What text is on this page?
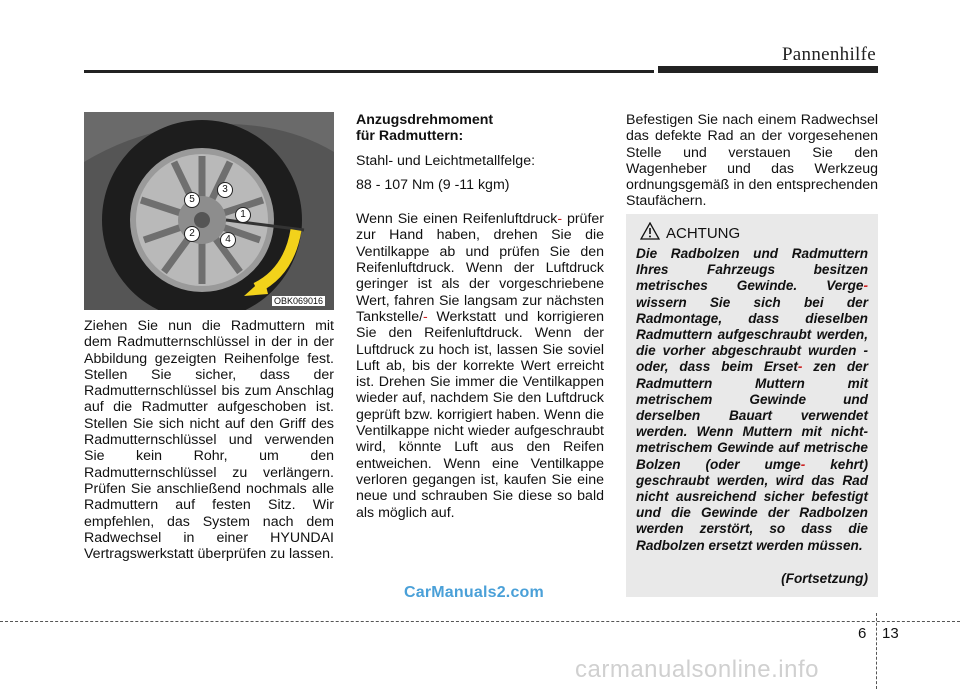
Pannenhilfe
1
2
3
4
5
OBK069016

Ziehen Sie nun die Radmuttern mit dem Radmutternschlüssel in der in der Abbildung gezeigten Reihenfolge fest. Stellen Sie sicher, dass der Radmutternschlüssel bis zum Anschlag auf die Radmutter aufgeschoben ist. Stellen Sie sich nicht auf den Griff des Radmutternschlüssel und verwenden Sie kein Rohr, um den Radmutternschlüssel zu verlängern. Prüfen Sie anschließend nochmals alle Radmuttern auf festen Sitz. Wir empfehlen, das System nach dem Radwechsel in einer HYUNDAI Vertragswerkstatt überprüfen zu lassen.

Anzugsdrehmoment

für Radmuttern:

Stahl- und Leichtmetallfelge:

88 - 107 Nm (9 -11 kgm)

Wenn Sie einen Reifenluftdruck- prüfer zur Hand haben, drehen Sie die Ventilkappe ab und prüfen Sie den Reifenluftdruck. Wenn der Luftdruck geringer ist als der vorgeschriebene Wert, fahren Sie langsam zur nächsten Tankstelle/- Werkstatt und korrigieren Sie den Reifenluftdruck. Wenn der Luftdruck zu hoch ist, lassen Sie soviel Luft ab, bis der korrekte Wert erreicht ist. Drehen Sie immer die Ventilkappen wieder auf, nachdem Sie den Luftdruck geprüft bzw. korrigiert haben. Wenn die Ventilkappe nicht wieder aufgeschraubt wird, könnte Luft aus den Reifen entweichen. Wenn eine Ventilkappe verloren gegangen ist, kaufen Sie eine neue und schrauben Sie diese so bald als möglich auf.

Befestigen Sie nach einem Radwechsel das defekte Rad an der vorgesehenen Stelle und verstauen Sie den Wagenheber und das Werkzeug ordnungsgemäß in den entsprechenden Staufächern.

ACHTUNG

Die Radbolzen und Radmuttern Ihres Fahrzeugs besitzen metrisches Gewinde. Verge- wissern Sie sich bei der Radmontage, dass dieselben Radmuttern aufgeschraubt werden, die vorher abgeschraubt wurden - oder, dass beim Erset- zen der Radmuttern Muttern mit metrischem Gewinde und derselben Bauart verwendet werden. Wenn Muttern mit nicht-metrischem Gewinde auf metrische Bolzen (oder umge- kehrt) geschraubt werden, wird das Rad nicht ausreichend sicher befestigt und die Gewinde der Radbolzen werden zerstört, so dass die Radbolzen ersetzt werden müssen.

(Fortsetzung)
CarManuals2.com
6 13
carmanualsonline.info
